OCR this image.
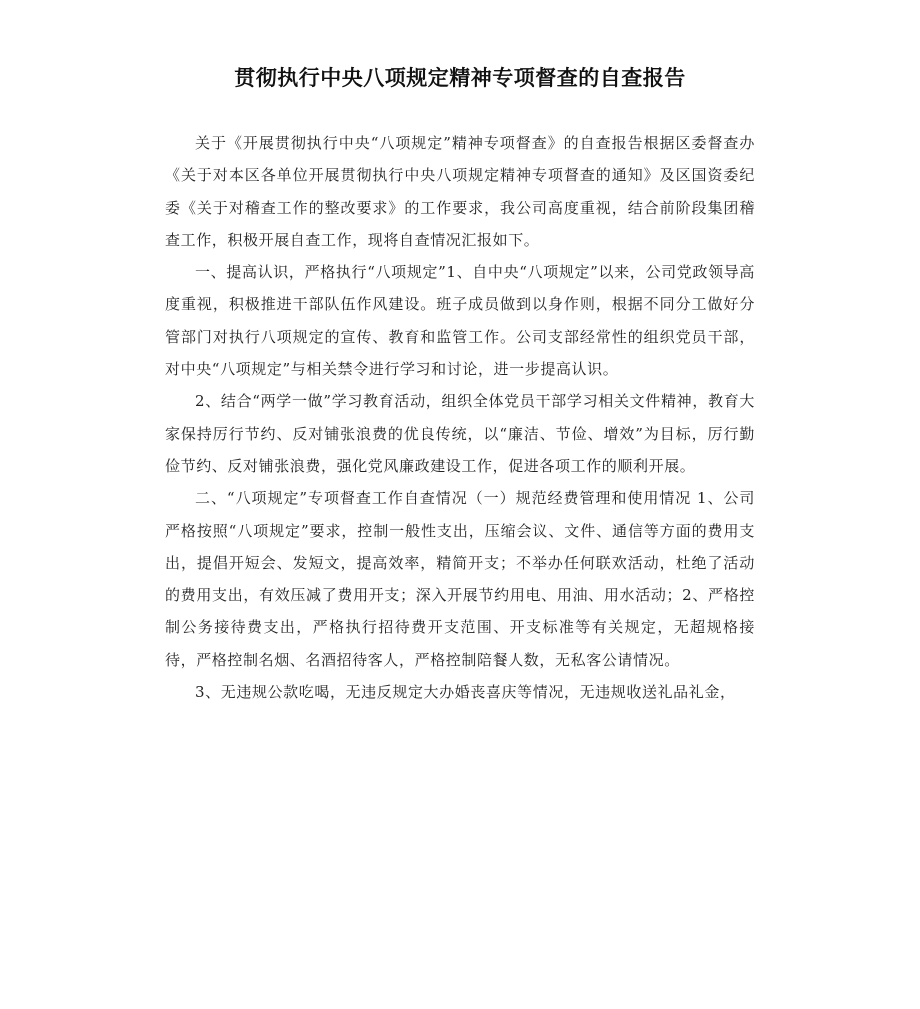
贯彻执行中央八项规定精神专项督查的自查报告

关于《开展贯彻执行中央“八项规定”精神专项督查》的自查报告根据区委督查办《关于对本区各单位开展贯彻执行中央八项规定精神专项督查的通知》及区国资委纪委《关于对稽查工作的整改要求》的工作要求，我公司高度重视，结合前阶段集团稽查工作，积极开展自查工作，现将自查情况汇报如下。

一、提高认识，严格执行“八项规定”1、自中央“八项规定”以来，公司党政领导高度重视，积极推进干部队伍作风建设。班子成员做到以身作则，根据不同分工做好分管部门对执行八项规定的宣传、教育和监管工作。公司支部经常性的组织党员干部，对中央“八项规定”与相关禁令进行学习和讨论，进一步提高认识。

2、结合“两学一做”学习教育活动，组织全体党员干部学习相关文件精神，教育大家保持厉行节约、反对铺张浪费的优良传统，以“廉洁、节俭、增效”为目标，厉行勤俭节约、反对铺张浪费，强化党风廉政建设工作，促进各项工作的顺利开展。

二、“八项规定”专项督查工作自查情况（一）规范经费管理和使用情况 1、公司严格按照“八项规定”要求，控制一般性支出，压缩会议、文件、通信等方面的费用支出，提倡开短会、发短文，提高效率，精简开支；不举办任何联欢活动，杜绝了活动的费用支出，有效压减了费用开支；深入开展节约用电、用油、用水活动；2、严格控制公务接待费支出，严格执行招待费开支范围、开支标准等有关规定，无超规格接待，严格控制名烟、名酒招待客人，严格控制陪餐人数，无私客公请情况。

3、无违规公款吃喝，无违反规定大办婚丧喜庆等情况，无违规收送礼品礼金，
